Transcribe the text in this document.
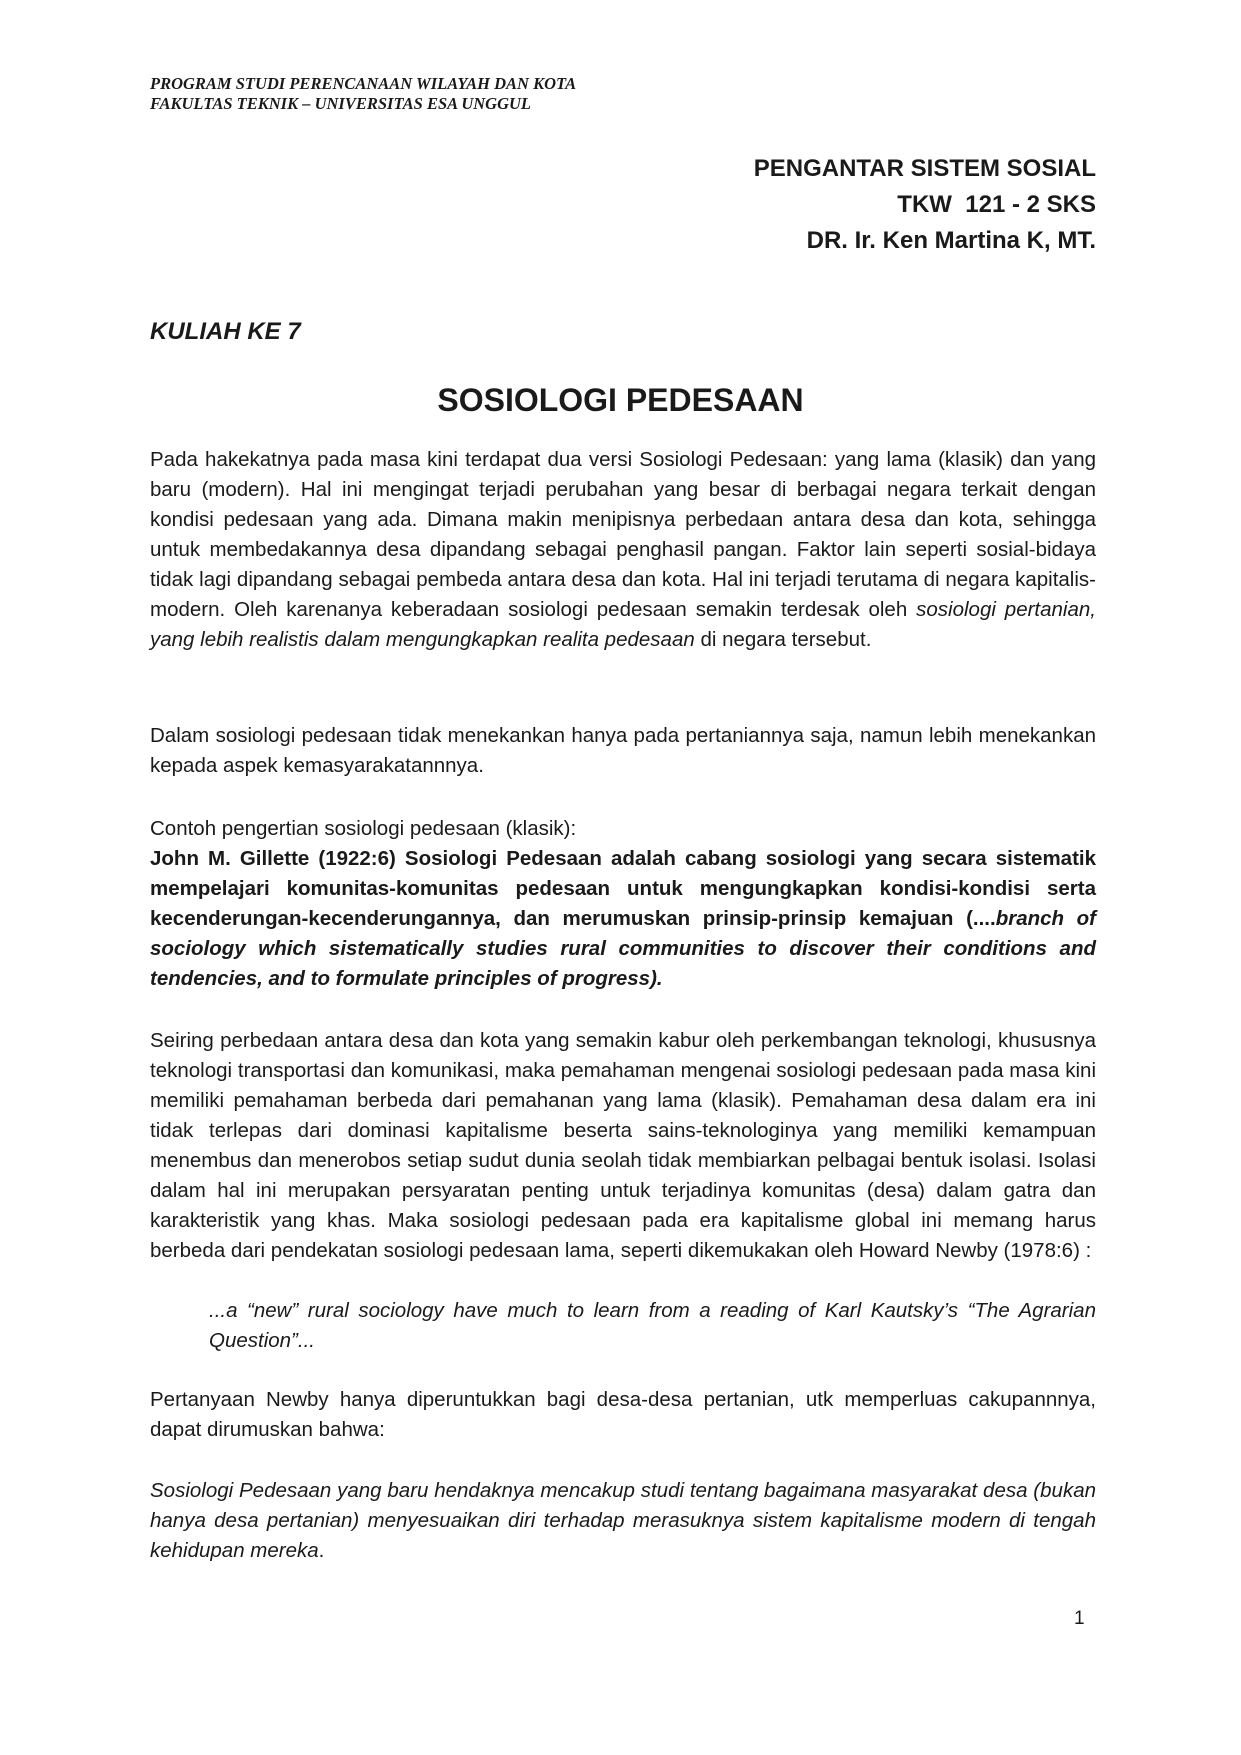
PROGRAM STUDI PERENCANAAN WILAYAH DAN KOTA
FAKULTAS TEKNIK – UNIVERSITAS ESA UNGGUL
PENGANTAR SISTEM SOSIAL
TKW  121 - 2 SKS
DR. Ir. Ken Martina K, MT.
KULIAH KE 7
SOSIOLOGI PEDESAAN

Pada hakekatnya pada masa kini terdapat dua versi Sosiologi Pedesaan: yang lama (klasik) dan yang baru (modern). Hal ini mengingat terjadi perubahan yang besar di berbagai negara terkait dengan kondisi pedesaan yang ada. Dimana makin menipisnya perbedaan antara desa dan kota, sehingga untuk membedakannya desa dipandang sebagai penghasil pangan. Faktor lain seperti sosial-bidaya tidak lagi dipandang sebagai pembeda antara desa dan kota. Hal ini terjadi terutama di negara kapitalis-modern. Oleh karenanya keberadaan sosiologi pedesaan semakin terdesak oleh sosiologi pertanian, yang lebih realistis dalam mengungkapkan realita pedesaan di negara tersebut.

Dalam sosiologi pedesaan tidak menekankan hanya pada pertaniannya saja, namun lebih menekankan kepada aspek kemasyarakatannnya.

Contoh pengertian sosiologi pedesaan (klasik):
John M. Gillette (1922:6) Sosiologi Pedesaan adalah cabang sosiologi yang secara sistematik mempelajari komunitas-komunitas pedesaan untuk mengungkapkan kondisi-kondisi serta kecenderungan-kecenderungannya, dan merumuskan prinsip-prinsip kemajuan (....branch of sociology which sistematically studies rural communities to discover their conditions and tendencies, and to formulate principles of progress).

Seiring perbedaan antara desa dan kota yang semakin kabur oleh perkembangan teknologi, khususnya teknologi transportasi dan komunikasi, maka pemahaman mengenai sosiologi pedesaan pada masa kini memiliki pemahaman berbeda dari pemahanan yang lama (klasik). Pemahaman desa dalam era ini tidak terlepas dari dominasi kapitalisme beserta sains-teknologinya yang memiliki kemampuan menembus dan menerobos setiap sudut dunia seolah tidak membiarkan pelbagai bentuk isolasi. Isolasi dalam hal ini merupakan persyaratan penting untuk terjadinya komunitas (desa) dalam gatra dan karakteristik yang khas. Maka sosiologi pedesaan pada era kapitalisme global ini memang harus berbeda dari pendekatan sosiologi pedesaan lama, seperti dikemukakan oleh Howard Newby (1978:6) :

...a “new” rural sociology have much to learn from a reading of Karl Kautsky’s “The Agrarian Question”...

Pertanyaan Newby hanya diperuntukkan bagi desa-desa pertanian, utk memperluas cakupannnya, dapat dirumuskan bahwa:

Sosiologi Pedesaan yang baru hendaknya mencakup studi tentang bagaimana masyarakat desa (bukan hanya desa pertanian) menyesuaikan diri terhadap merasuknya sistem kapitalisme modern di tengah kehidupan mereka.

1
